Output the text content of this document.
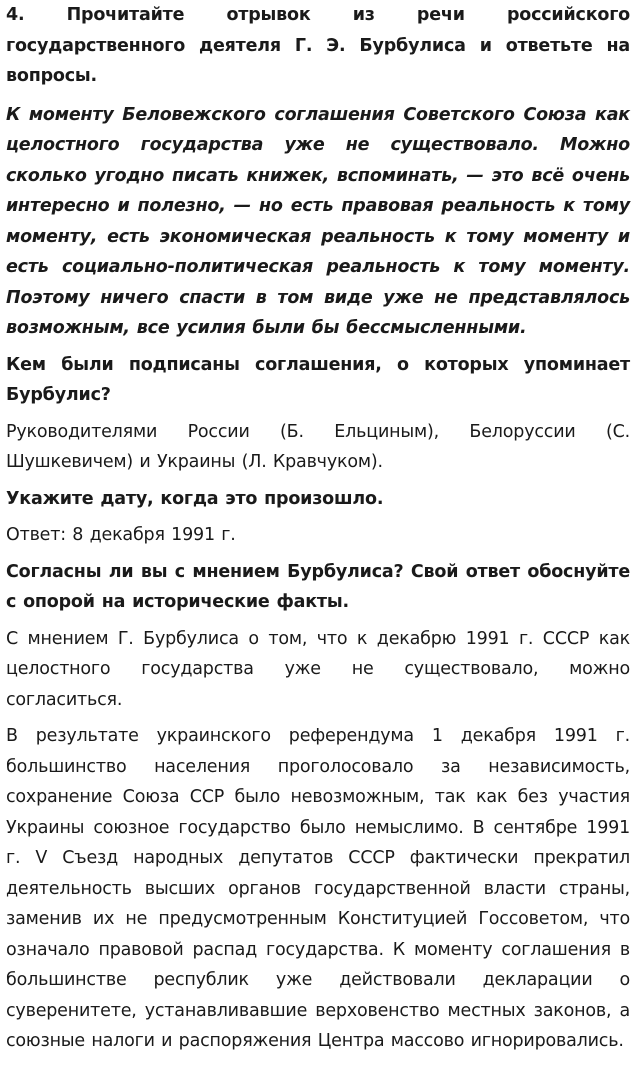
4. Прочитайте отрывок из речи российского государственного деятеля Г. Э. Бурбулиса и ответьте на вопросы.

К моменту Беловежского соглашения Советского Союза как целостного государства уже не существовало. Можно сколько угодно писать книжек, вспоминать, — это всё очень интересно и полезно, — но есть правовая реальность к тому моменту, есть экономическая реальность к тому моменту и есть социально-политическая реальность к тому моменту. Поэтому ничего спасти в том виде уже не представлялось возможным, все усилия были бы бессмысленными.

Кем были подписаны соглашения, о которых упоминает Бурбулис?

Руководителями России (Б. Ельциным), Белоруссии (С. Шушкевичем) и Украины (Л. Кравчуком).

Укажите дату, когда это произошло.

Ответ: 8 декабря 1991 г.

Согласны ли вы с мнением Бурбулиса? Свой ответ обоснуйте с опорой на исторические факты.

С мнением Г. Бурбулиса о том, что к декабрю 1991 г. СССР как целостного государства уже не существовало, можно согласиться.

В результате украинского референдума 1 декабря 1991 г. большинство населения проголосовало за независимость, сохранение Союза ССР было невозможным, так как без участия Украины союзное государство было немыслимо. В сентябре 1991 г. V Съезд народных депутатов СССР фактически прекратил деятельность высших органов государственной власти страны, заменив их не предусмотренным Конституцией Госсоветом, что означало правовой распад государства. К моменту соглашения в большинстве республик уже действовали декларации о суверенитете, устанавливавшие верховенство местных законов, а союзные налоги и распоряжения Центра массово игнорировались.
